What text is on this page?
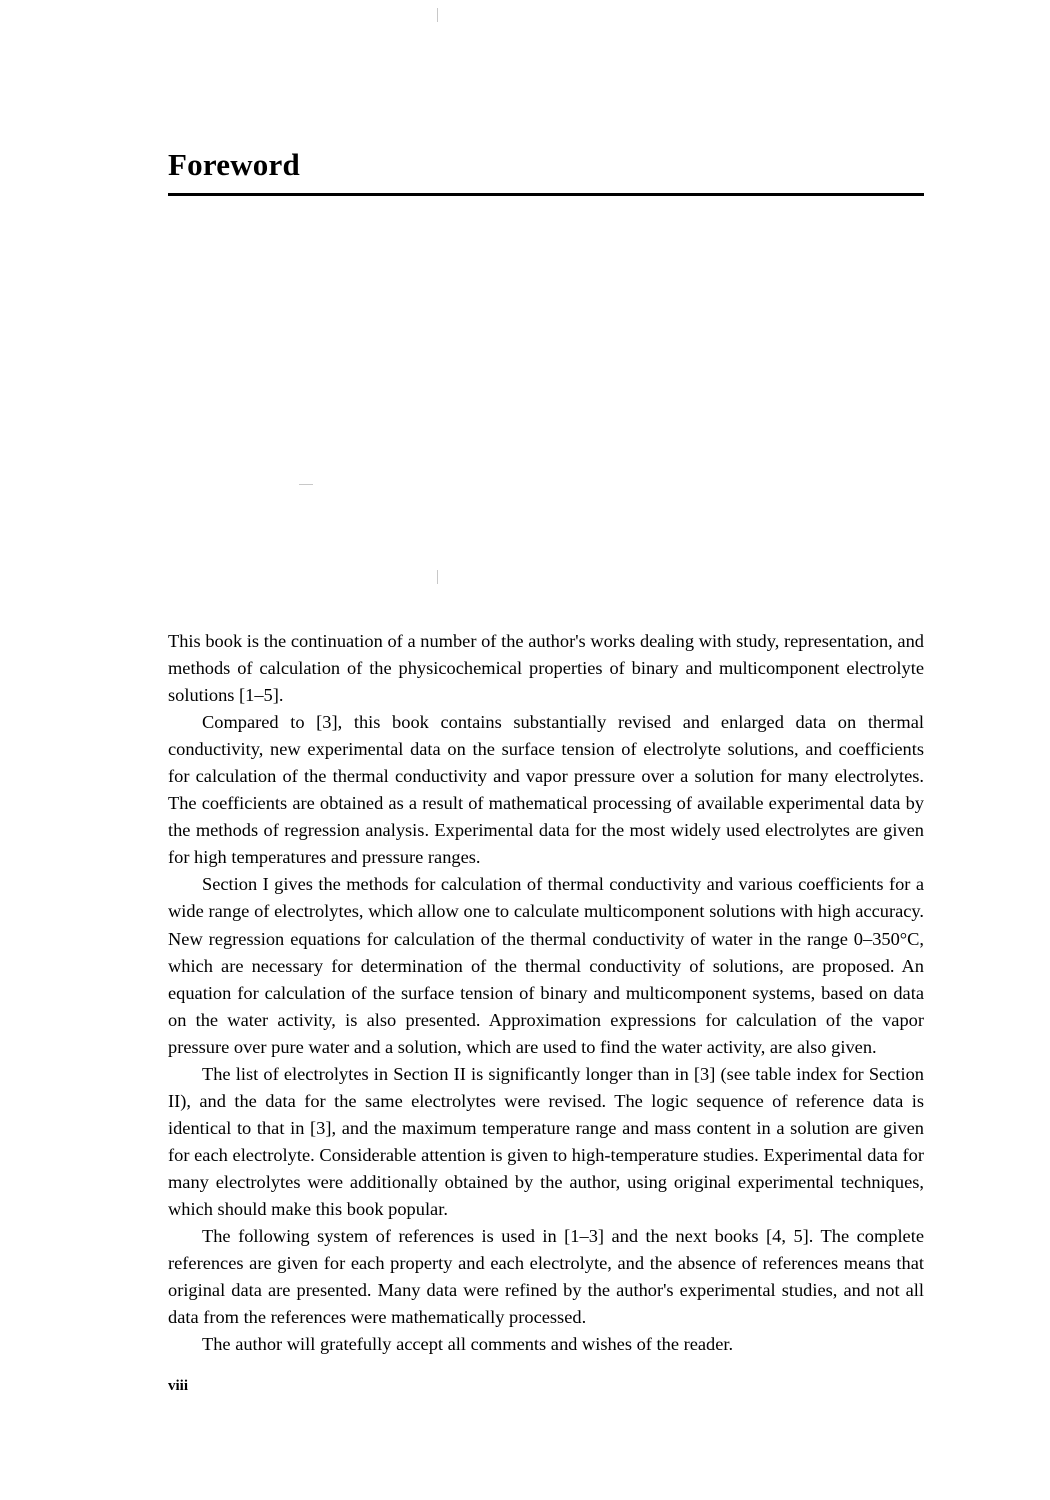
Foreword

This book is the continuation of a number of the author's works dealing with study, representation, and methods of calculation of the physicochemical properties of binary and multicomponent electrolyte solutions [1–5].

Compared to [3], this book contains substantially revised and enlarged data on thermal conductivity, new experimental data on the surface tension of electrolyte solutions, and coefficients for calculation of the thermal conductivity and vapor pressure over a solution for many electrolytes. The coefficients are obtained as a result of mathematical processing of available experimental data by the methods of regression analysis. Experimental data for the most widely used electrolytes are given for high temperatures and pressure ranges.

Section I gives the methods for calculation of thermal conductivity and various coefficients for a wide range of electrolytes, which allow one to calculate multicomponent solutions with high accuracy. New regression equations for calculation of the thermal conductivity of water in the range 0–350°C, which are necessary for determination of the thermal conductivity of solutions, are proposed. An equation for calculation of the surface tension of binary and multicomponent systems, based on data on the water activity, is also presented. Approximation expressions for calculation of the vapor pressure over pure water and a solution, which are used to find the water activity, are also given.

The list of electrolytes in Section II is significantly longer than in [3] (see table index for Section II), and the data for the same electrolytes were revised. The logic sequence of reference data is identical to that in [3], and the maximum temperature range and mass content in a solution are given for each electrolyte. Considerable attention is given to high-temperature studies. Experimental data for many electrolytes were additionally obtained by the author, using original experimental techniques, which should make this book popular.

The following system of references is used in [1–3] and the next books [4, 5]. The complete references are given for each property and each electrolyte, and the absence of references means that original data are presented. Many data were refined by the author's experimental studies, and not all data from the references were mathematically processed.

The author will gratefully accept all comments and wishes of the reader.

viii
